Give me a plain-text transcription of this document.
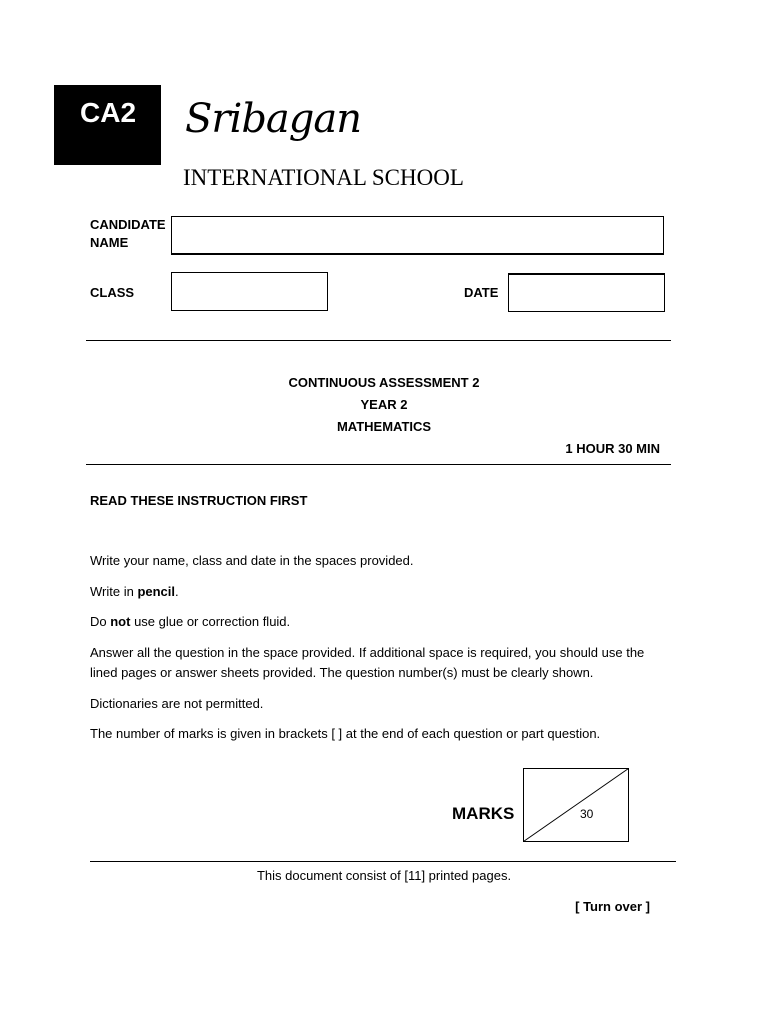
CA2 Sribagan
INTERNATIONAL SCHOOL
CANDIDATE
NAME
CLASS	DATE
CONTINUOUS ASSESSMENT 2
YEAR 2
MATHEMATICS
1 HOUR 30 MIN
READ THESE INSTRUCTION FIRST
Write your name, class and date in the spaces provided.
Write in pencil.
Do not use glue or correction fluid.
Answer all the question in the space provided. If additional space is required, you should use the lined pages or answer sheets provided. The question number(s) must be clearly shown.
Dictionaries are not permitted.
The number of marks is given in brackets [ ] at the end of each question or part question.
MARKS	30
This document consist of [11] printed pages.
[ Turn over ]
